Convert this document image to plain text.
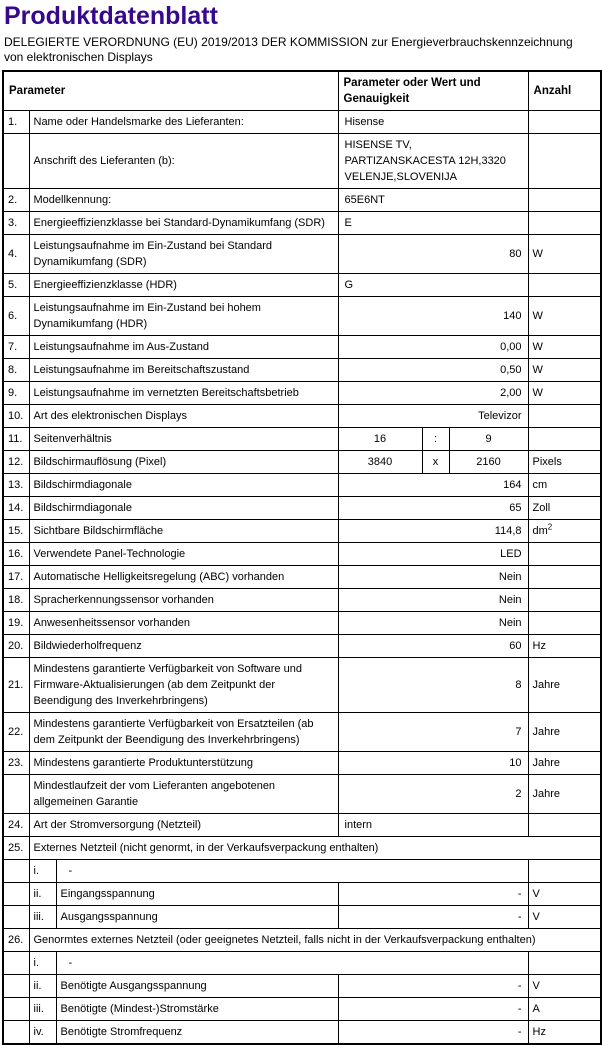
Produktdatenblatt
DELEGIERTE VERORDNUNG (EU) 2019/2013 DER KOMMISSION zur Energieverbrauchskennzeichnung von elektronischen Displays
Parameter			Parameter oder Wert und Genauigkeit	Anzahl
1.	Name oder Handelsmarke des Lieferanten:		Hisense	
	Anschrift des Lieferanten (b):		HISENSE TV, PARTIZANSKACESTA 12H,3320 VELENJE,SLOVENIJA	
2.	Modellkennung:		65E6NT	
3.	Energieeffizienzklasse bei Standard-Dynamikumfang (SDR)		E	
4.	Leistungsaufnahme im Ein-Zustand bei Standard Dynamikumfang (SDR)		80	W
5.	Energieeffizienzklasse (HDR)		G	
6.	Leistungsaufnahme im Ein-Zustand bei hohem Dynamikumfang (HDR)		140	W
7.	Leistungsaufnahme im Aus-Zustand		0,00	W
8.	Leistungsaufnahme im Bereitschaftszustand		0,50	W
9.	Leistungsaufnahme im vernetzten Bereitschaftsbetrieb		2,00	W
10.	Art des elektronischen Displays		Televizor	
11.	Seitenverhältnis		16 : 9	

12.	Bildschirmauflösung (Pixel)		3840 x 2160	Pixels
13.	Bildschirmdiagonale		164	cm
14.	Bildschirmdiagonale		65	Zoll
15.	Sichtbare Bildschirmfläche		114,8	$dm^2$
16.	Verwendete Panel-Technologie		LED	
17.	Automatische Helligkeitsregelung (ABC) vorhanden		Nein	
18.	Spracherkennungssensor vorhanden		Nein	
19.	Anwesenheitssensor vorhanden		Nein	
20.	Bildwiederholfrequenz		60	Hz
21.	Mindestens garantierte Verfügbarkeit von Software und Firmware-Aktualisierungen (ab dem Zeitpunkt der Beendigung des Inverkehrbringens)		8	Jahre
22.	Mindestens garantierte Verfügbarkeit von Ersatzteilen (ab dem Zeitpunkt der Beendigung des Inverkehrbringens)		7	Jahre
23.	Mindestens garantierte Produktunterstützung		10	Jahre
	Mindestlaufzeit der vom Lieferanten angebotenen allgemeinen Garantie		2	Jahre
24.	Art der Stromversorgung (Netzteil)		intern	
25.	Externes Netzteil (nicht genormt, in der Verkaufsverpackung enthalten)			
	i.	-		
	ii.	Eingangsspannung	-	V
	iii.	Ausgangsspannung	-	V
26.	Genormtes externes Netzteil (oder geeignetes Netzteil, falls nicht in der Verkaufsverpackung enthalten)			
	i.	-		
	ii.	Benötigte Ausgangsspannung	-	V
	iii.	Benötigte (Mindest-)Stromstärke	-	A
	iv.	Benötigte Stromfrequenz	-	Hz
